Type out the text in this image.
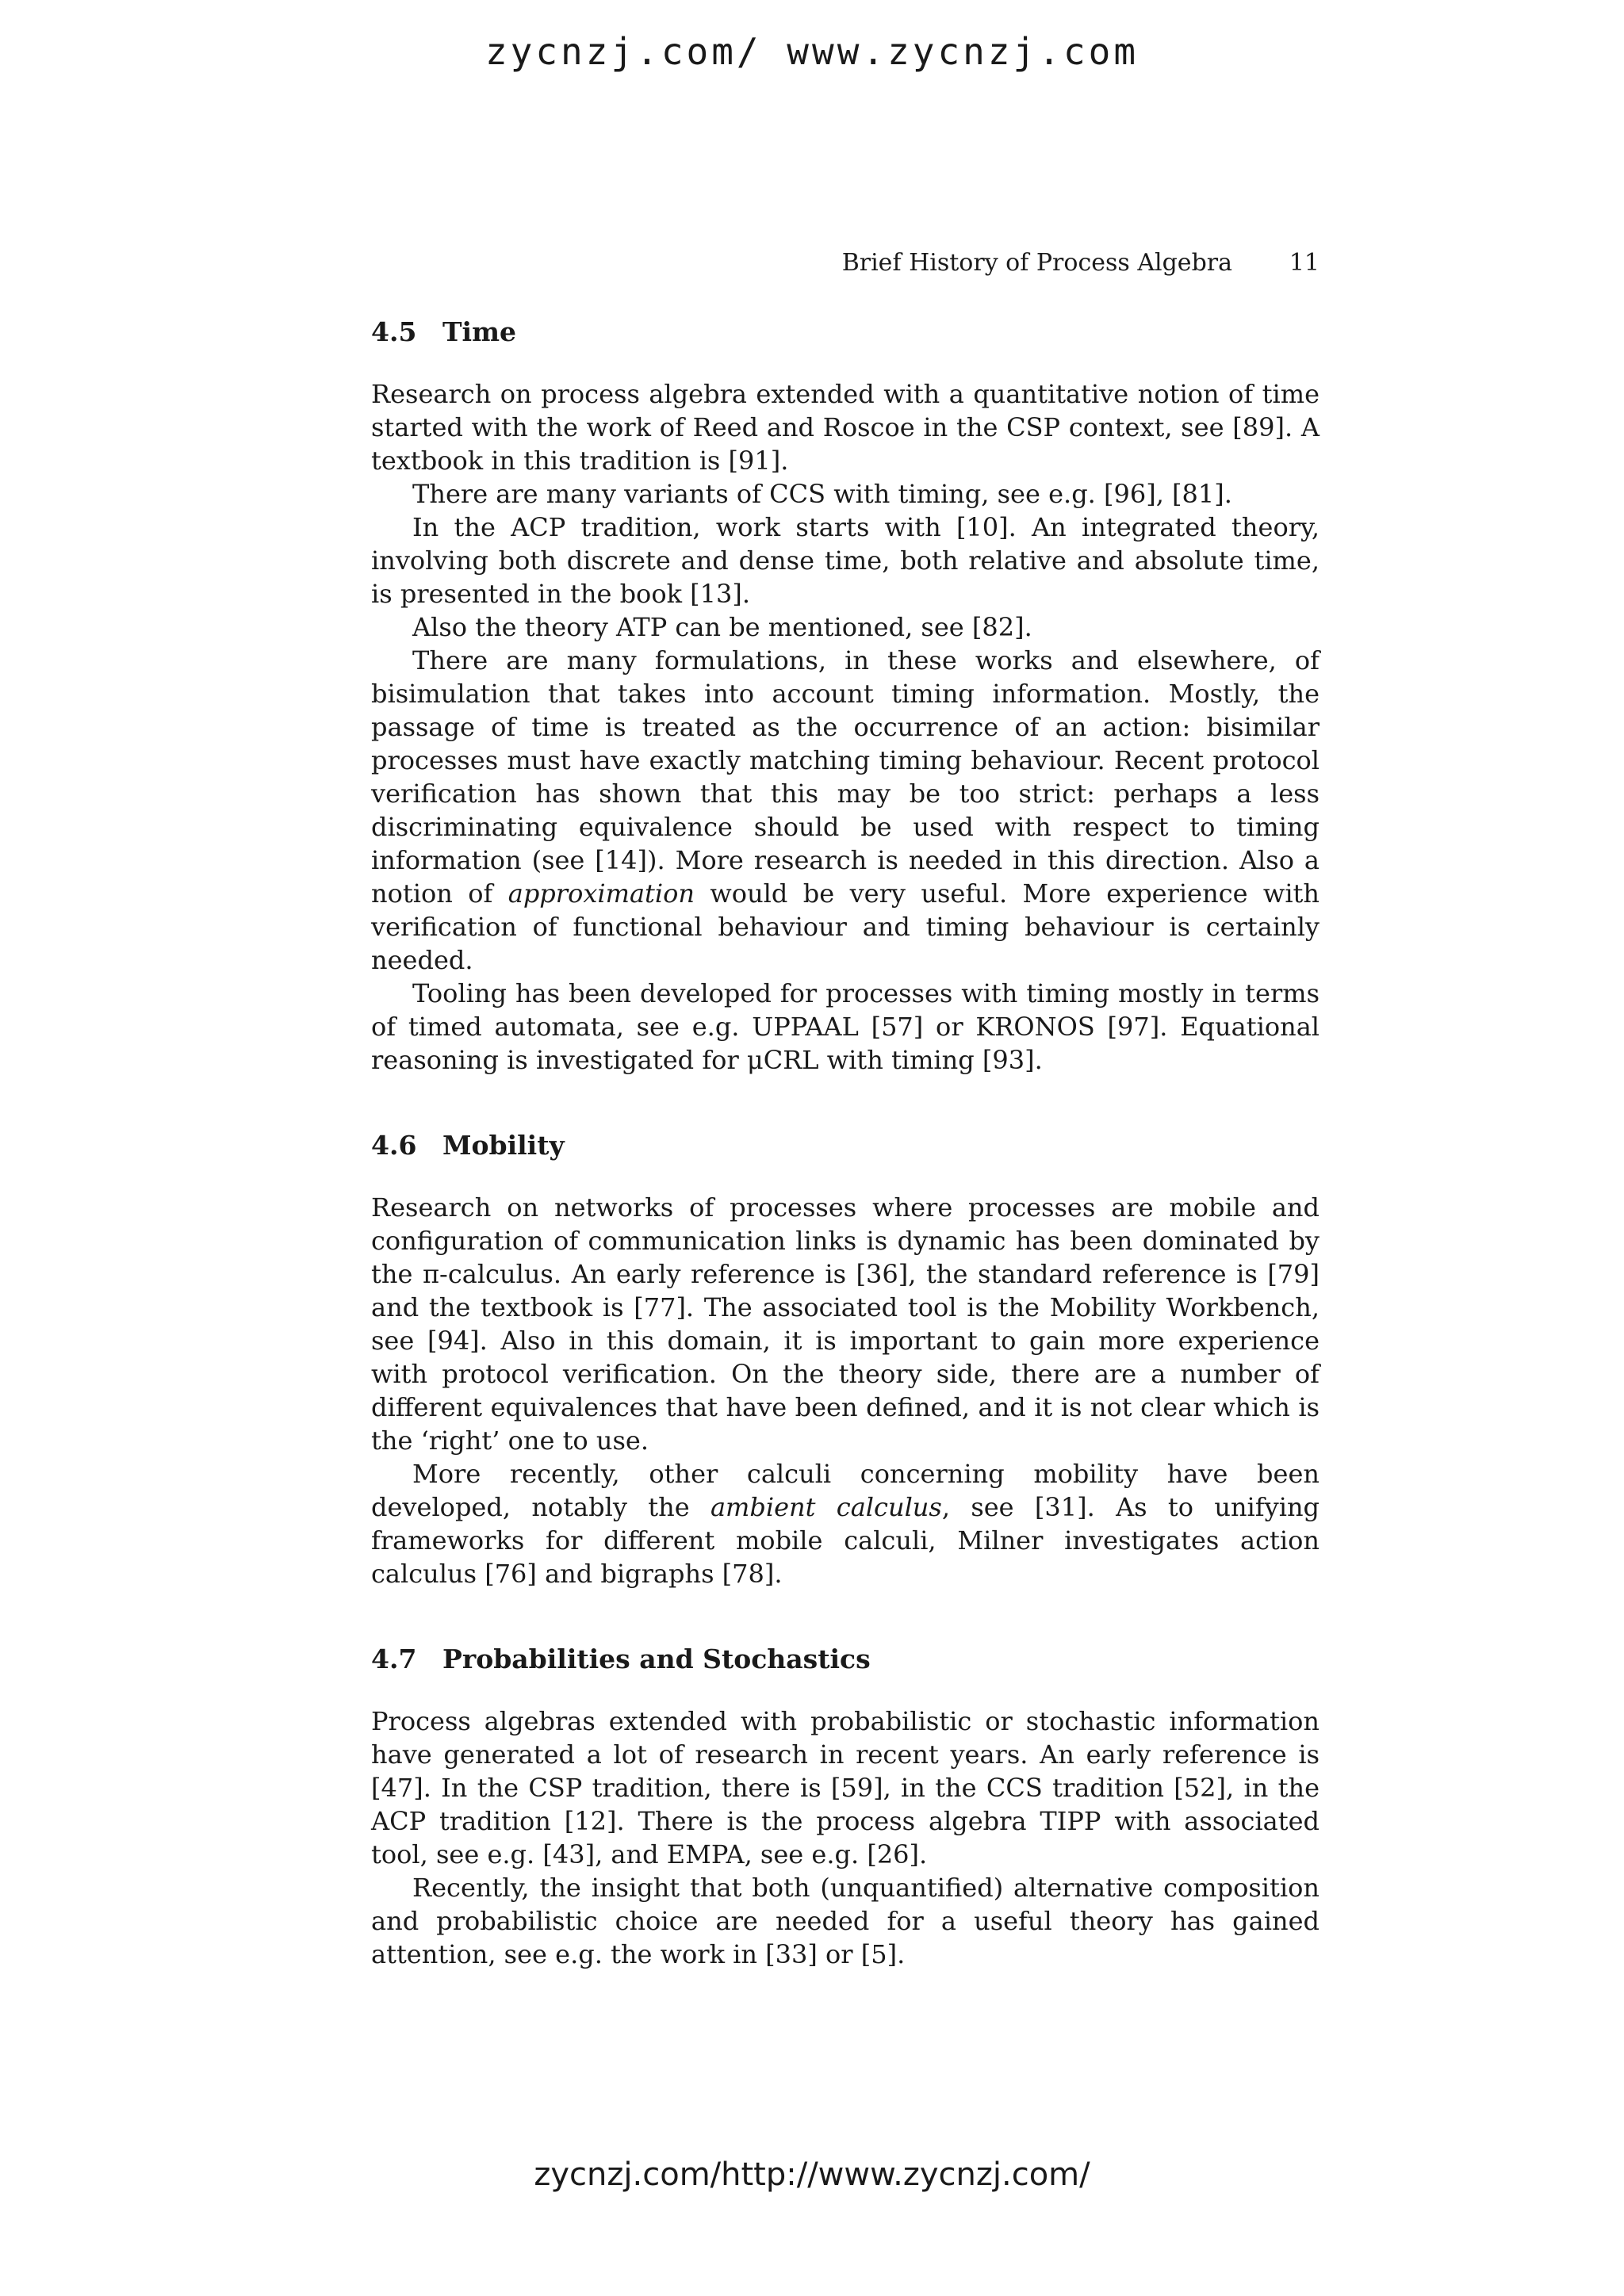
zycnzj.com/ www.zycnzj.com
Brief History of Process Algebra 11
4.5 Time

Research on process algebra extended with a quantitative notion of time started with the work of Reed and Roscoe in the CSP context, see [89]. A textbook in this tradition is [91].

There are many variants of CCS with timing, see e.g. [96], [81].

In the ACP tradition, work starts with [10]. An integrated theory, involving both discrete and dense time, both relative and absolute time, is presented in the book [13].

Also the theory ATP can be mentioned, see [82].

There are many formulations, in these works and elsewhere, of bisimulation that takes into account timing information. Mostly, the passage of time is treated as the occurrence of an action: bisimilar processes must have exactly matching timing behaviour. Recent protocol verification has shown that this may be too strict: perhaps a less discriminating equivalence should be used with respect to timing information (see [14]). More research is needed in this direction. Also a notion of approximation would be very useful. More experience with verification of functional behaviour and timing behaviour is certainly needed.

Tooling has been developed for processes with timing mostly in terms of timed automata, see e.g. UPPAAL [57] or KRONOS [97]. Equational reasoning is investigated for μCRL with timing [93].

4.6 Mobility

Research on networks of processes where processes are mobile and configuration of communication links is dynamic has been dominated by the π-calculus. An early reference is [36], the standard reference is [79] and the textbook is [77]. The associated tool is the Mobility Workbench, see [94]. Also in this domain, it is important to gain more experience with protocol verification. On the theory side, there are a number of different equivalences that have been defined, and it is not clear which is the ‘right’ one to use.

More recently, other calculi concerning mobility have been developed, notably the ambient calculus, see [31]. As to unifying frameworks for different mobile calculi, Milner investigates action calculus [76] and bigraphs [78].

4.7 Probabilities and Stochastics

Process algebras extended with probabilistic or stochastic information have generated a lot of research in recent years. An early reference is [47]. In the CSP tradition, there is [59], in the CCS tradition [52], in the ACP tradition [12]. There is the process algebra TIPP with associated tool, see e.g. [43], and EMPA, see e.g. [26].

Recently, the insight that both (unquantified) alternative composition and probabilistic choice are needed for a useful theory has gained attention, see e.g. the work in [33] or [5].

zycnzj.com/http://www.zycnzj.com/
